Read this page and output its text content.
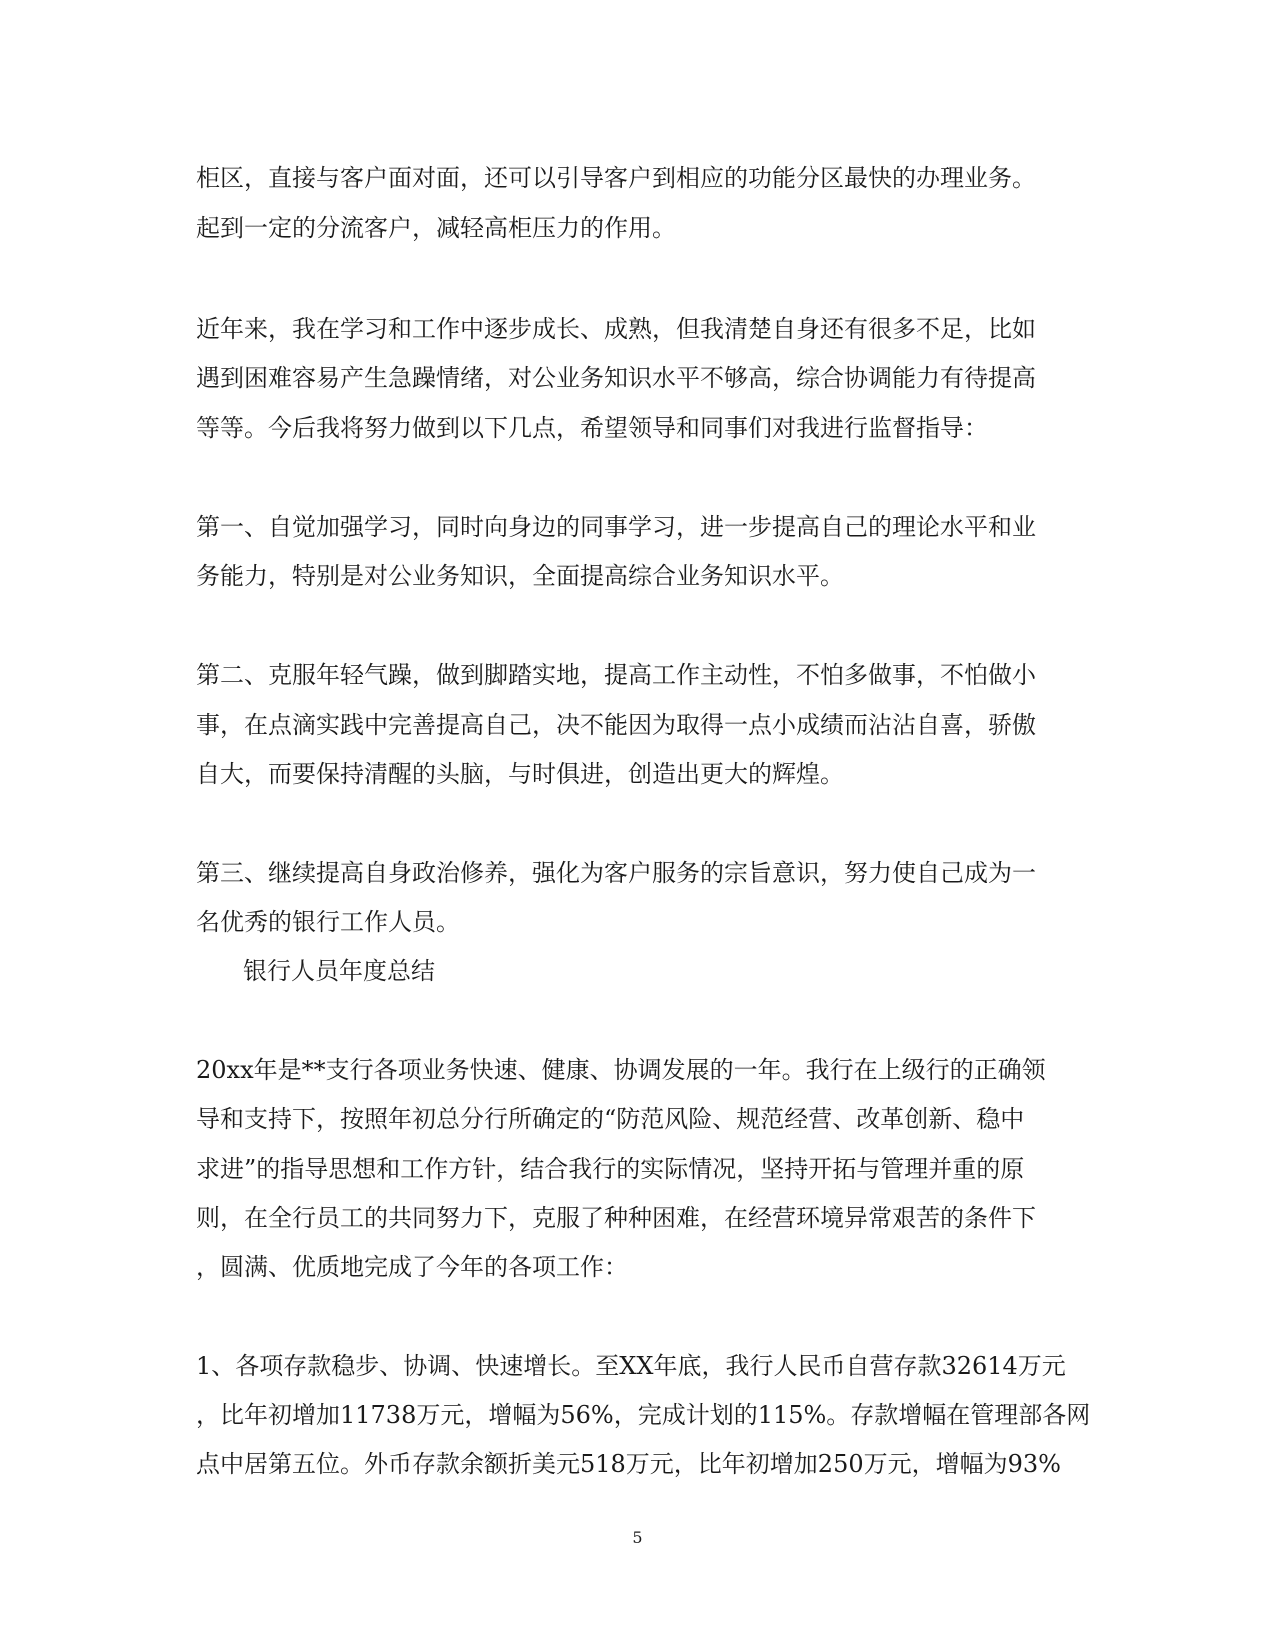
柜区，直接与客户面对面，还可以引导客户到相应的功能分区最快的办理业务。
起到一定的分流客户，减轻高柜压力的作用。
近年来，我在学习和工作中逐步成长、成熟，但我清楚自身还有很多不足，比如
遇到困难容易产生急躁情绪，对公业务知识水平不够高，综合协调能力有待提高
等等。今后我将努力做到以下几点，希望领导和同事们对我进行监督指导：
第一、自觉加强学习，同时向身边的同事学习，进一步提高自己的理论水平和业
务能力，特别是对公业务知识，全面提高综合业务知识水平。
第二、克服年轻气躁，做到脚踏实地，提高工作主动性，不怕多做事，不怕做小
事，在点滴实践中完善提高自己，决不能因为取得一点小成绩而沾沾自喜，骄傲
自大，而要保持清醒的头脑，与时俱进，创造出更大的辉煌。
第三、继续提高自身政治修养，强化为客户服务的宗旨意识，努力使自己成为一
名优秀的银行工作人员。
银行人员年度总结
20xx年是**支行各项业务快速、健康、协调发展的一年。我行在上级行的正确领
导和支持下，按照年初总分行所确定的“防范风险、规范经营、改革创新、稳中
求进”的指导思想和工作方针，结合我行的实际情况，坚持开拓与管理并重的原
则，在全行员工的共同努力下，克服了种种困难，在经营环境异常艰苦的条件下
，圆满、优质地完成了今年的各项工作：
1、各项存款稳步、协调、快速增长。至XX年底，我行人民币自营存款32614万元
，比年初增加11738万元，增幅为56%，完成计划的115%。存款增幅在管理部各网
点中居第五位。外币存款余额折美元518万元，比年初增加250万元，增幅为93%
5
